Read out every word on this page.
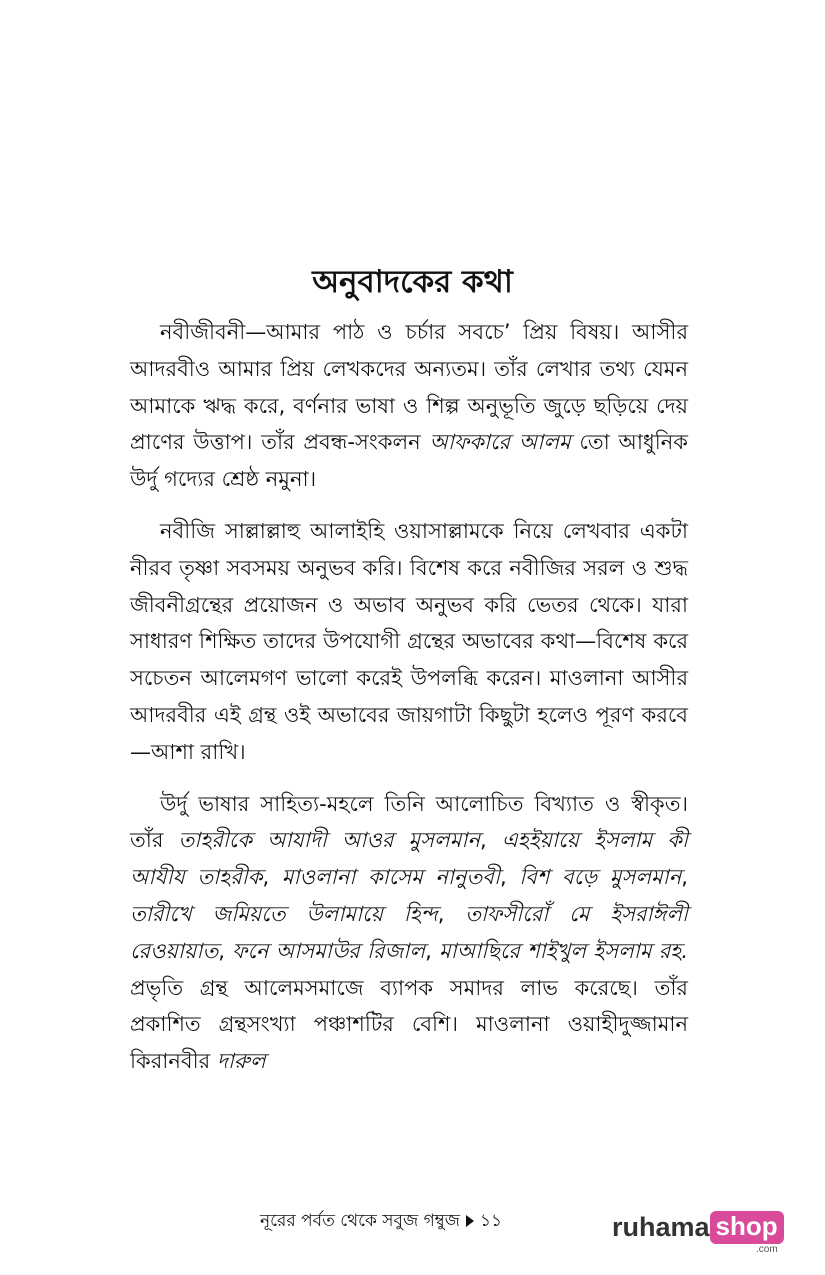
অনুবাদকের কথা

নবীজীবনী—আমার পাঠ ও চর্চার সবচে’ প্রিয় বিষয়। আসীর আদরবীও আমার প্রিয় লেখকদের অন্যতম। তাঁর লেখার তথ্য যেমন আমাকে ঋদ্ধ করে, বর্ণনার ভাষা ও শিল্প অনুভূতি জুড়ে ছড়িয়ে দেয় প্রাণের উত্তাপ। তাঁর প্রবন্ধ-সংকলন আফকারে আলম তো আধুনিক উর্দু গদ্যের শ্রেষ্ঠ নমুনা।

নবীজি সাল্লাল্লাহু আলাইহি ওয়াসাল্লামকে নিয়ে লেখবার একটা নীরব তৃষ্ণা সবসময় অনুভব করি। বিশেষ করে নবীজির সরল ও শুদ্ধ জীবনীগ্রন্থের প্রয়োজন ও অভাব অনুভব করি ভেতর থেকে। যারা সাধারণ শিক্ষিত তাদের উপযোগী গ্রন্থের অভাবের কথা—বিশেষ করে সচেতন আলেমগণ ভালো করেই উপলব্ধি করেন। মাওলানা আসীর আদরবীর এই গ্রন্থ ওই অভাবের জায়গাটা কিছুটা হলেও পূরণ করবে—আশা রাখি।

উর্দু ভাষার সাহিত্য-মহলে তিনি আলোচিত বিখ্যাত ও স্বীকৃত। তাঁর তাহরীকে আযাদী আওর মুসলমান, এহইয়ায়ে ইসলাম কী আযীয তাহরীক, মাওলানা কাসেম নানুতবী, বিশ বড়ে মুসলমান, তারীখে জমিয়তে উলামায়ে হিন্দ, তাফসীরোঁ মে ইসরাঈলী রেওয়ায়াত, ফনে আসমাউর রিজাল, মাআছিরে শাইখুল ইসলাম রহ. প্রভৃতি গ্রন্থ আলেমসমাজে ব্যাপক সমাদর লাভ করেছে। তাঁর প্রকাশিত গ্রন্থসংখ্যা পঞ্চাশটির বেশি। মাওলানা ওয়াহীদুজ্জামান কিরানবীর দারুল

নূরের পর্বত থেকে সবুজ গম্বুজ ১১	ruhama shop
.com
